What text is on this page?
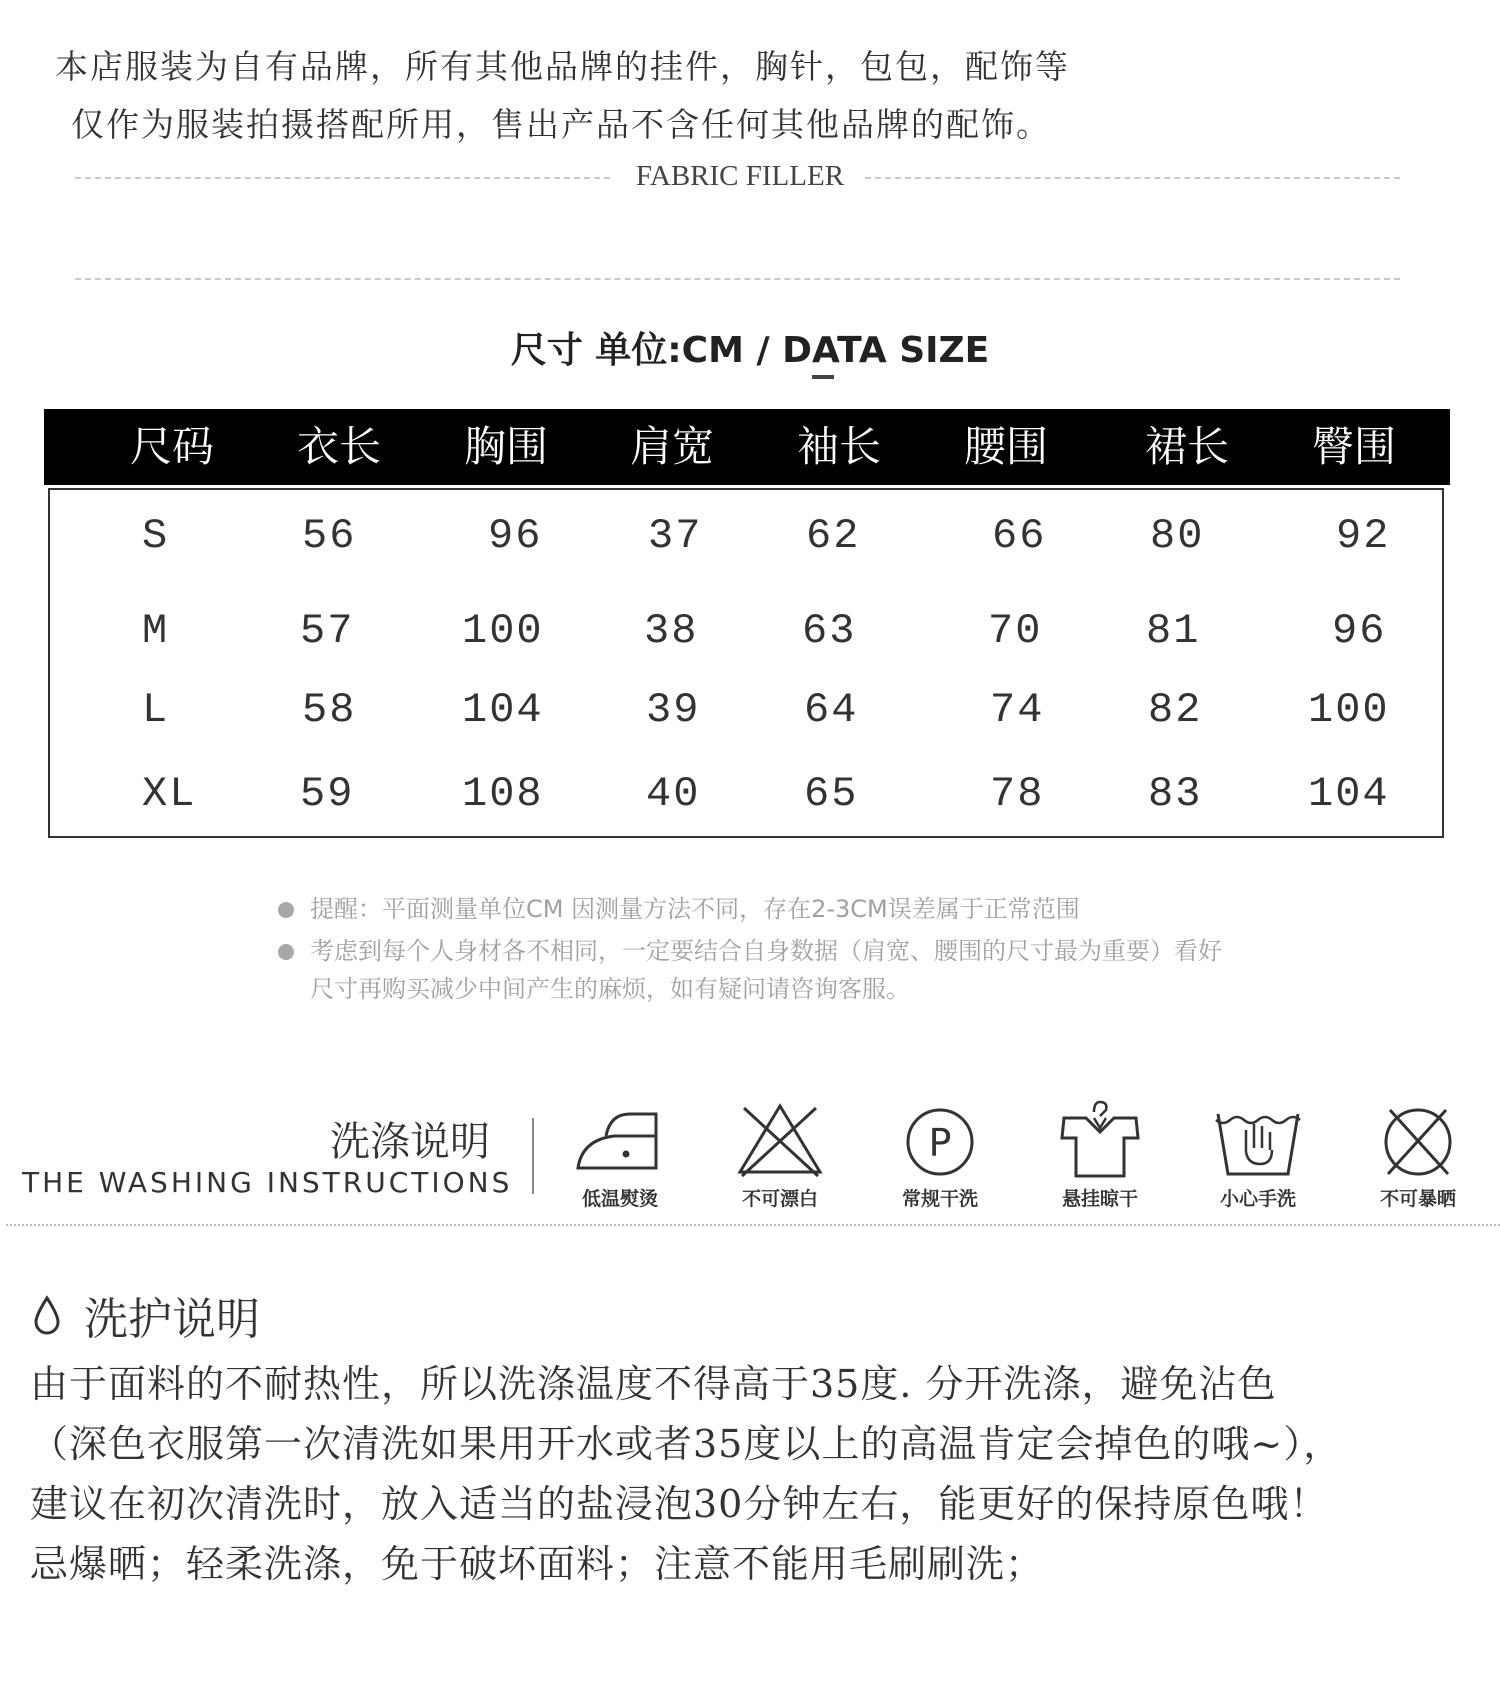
本店服装为自有品牌，所有其他品牌的挂件，胸针，包包，配饰等
仅作为服装拍摄搭配所用，售出产品不含任何其他品牌的配饰。
FABRIC FILLER
尺寸 单位:CM / DATA SIZE
尺码 衣长 胸围 肩宽 袖长 腰围 裙长 臀围
S	56	96	37 62	66 80	92
M	57	100 38 63	70 81	96
L	58	104 39 64	74 82	100
XL 59	108 40 65	78 83	104
提醒：平面测量单位CM 因测量方法不同，存在2-3CM误差属于正常范围
考虑到每个人身材各不相同，一定要结合自身数据（肩宽、腰围的尺寸最为重要）看好尺寸再购买减少中间产生的麻烦，如有疑问请咨询客服。
洗涤说明
THE WASHING INSTRUCTIONS	低温熨烫	不可漂白
P
常规干洗	悬挂晾干	小心手洗	不可暴晒
洗护说明

由于面料的不耐热性，所以洗涤温度不得高于35度. 分开洗涤，避免沾色

（深色衣服第一次清洗如果用开水或者35度以上的高温肯定会掉色的哦~），

建议在初次清洗时，放入适当的盐浸泡30分钟左右，能更好的保持原色哦！

忌爆晒；轻柔洗涤，免于破坏面料；注意不能用毛刷刷洗；
